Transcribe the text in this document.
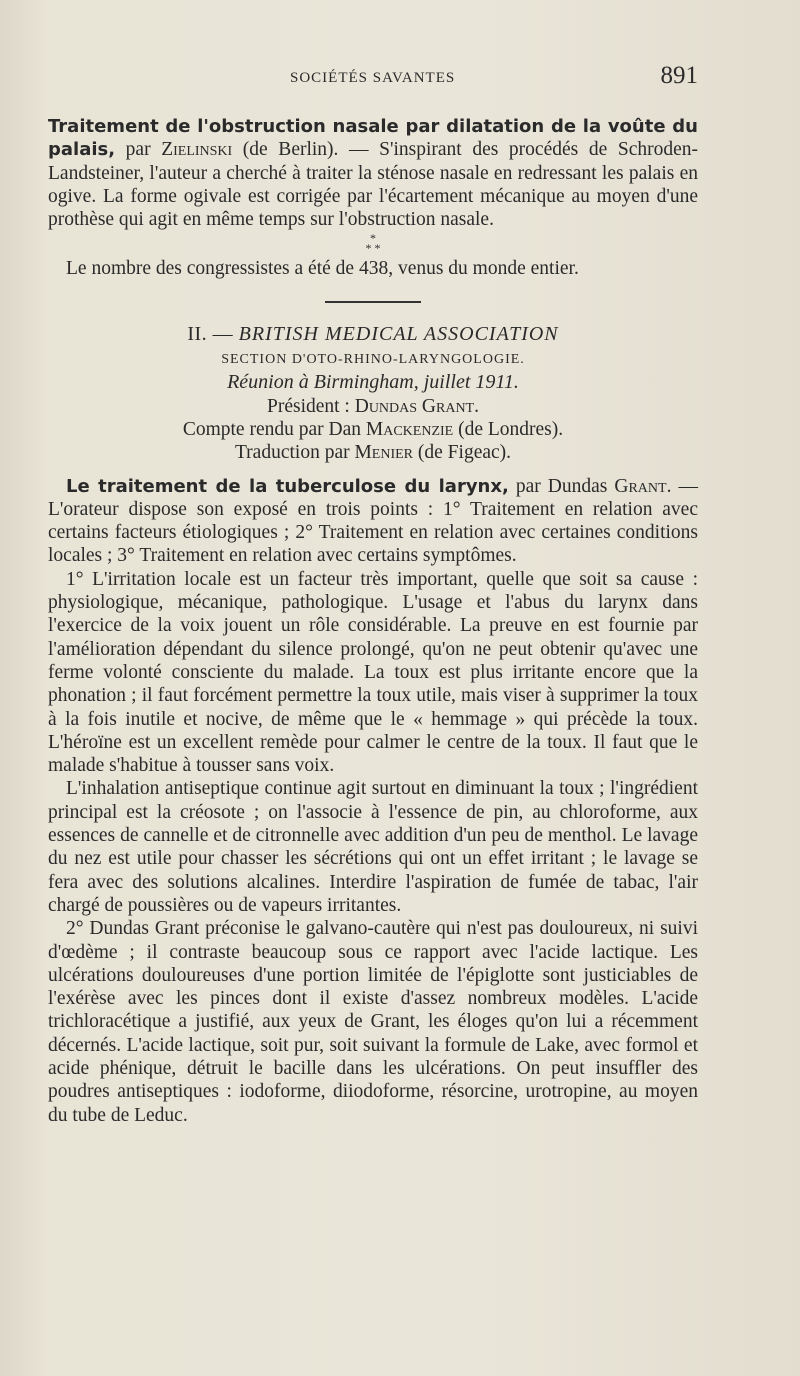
SOCIÉTÉS SAVANTES	891

Traitement de l'obstruction nasale par dilatation de la voûte du palais, par Zielinski (de Berlin). — S'inspirant des procédés de Schroden-Landsteiner, l'auteur a cherché à traiter la sténose nasale en redressant les palais en ogive. La forme ogivale est corrigée par l'écartement mécanique au moyen d'une prothèse qui agit en même temps sur l'obstruction nasale.

*
* *

Le nombre des congressistes a été de 438, venus du monde entier.

II. — BRITISH MEDICAL ASSOCIATION
SECTION D'OTO-RHINO-LARYNGOLOGIE.
Réunion à Birmingham, juillet 1911.
Président : Dundas Grant.
Compte rendu par Dan Mackenzie (de Londres).
Traduction par Menier (de Figeac).

Le traitement de la tuberculose du larynx, par Dundas Grant. — L'orateur dispose son exposé en trois points : 1° Traitement en relation avec certains facteurs étiologiques ; 2° Traitement en relation avec certaines conditions locales ; 3° Traitement en relation avec certains symptômes.

1° L'irritation locale est un facteur très important, quelle que soit sa cause : physiologique, mécanique, pathologique. L'usage et l'abus du larynx dans l'exercice de la voix jouent un rôle considérable. La preuve en est fournie par l'amélioration dépendant du silence prolongé, qu'on ne peut obtenir qu'avec une ferme volonté consciente du malade. La toux est plus irritante encore que la phonation ; il faut forcément permettre la toux utile, mais viser à supprimer la toux à la fois inutile et nocive, de même que le « hemmage » qui précède la toux. L'héroïne est un excellent remède pour calmer le centre de la toux. Il faut que le malade s'habitue à tousser sans voix.

L'inhalation antiseptique continue agit surtout en diminuant la toux ; l'ingrédient principal est la créosote ; on l'associe à l'essence de pin, au chloroforme, aux essences de cannelle et de citronnelle avec addition d'un peu de menthol. Le lavage du nez est utile pour chasser les sécrétions qui ont un effet irritant ; le lavage se fera avec des solutions alcalines. Interdire l'aspiration de fumée de tabac, l'air chargé de poussières ou de vapeurs irritantes.

2° Dundas Grant préconise le galvano-cautère qui n'est pas douloureux, ni suivi d'œdème ; il contraste beaucoup sous ce rapport avec l'acide lactique. Les ulcérations douloureuses d'une portion limitée de l'épiglotte sont justiciables de l'exérèse avec les pinces dont il existe d'assez nombreux modèles. L'acide trichloracétique a justifié, aux yeux de Grant, les éloges qu'on lui a récemment décernés. L'acide lactique, soit pur, soit suivant la formule de Lake, avec formol et acide phénique, détruit le bacille dans les ulcérations. On peut insuffler des poudres antiseptiques : iodoforme, diiodoforme, résorcine, urotropine, au moyen du tube de Leduc.
